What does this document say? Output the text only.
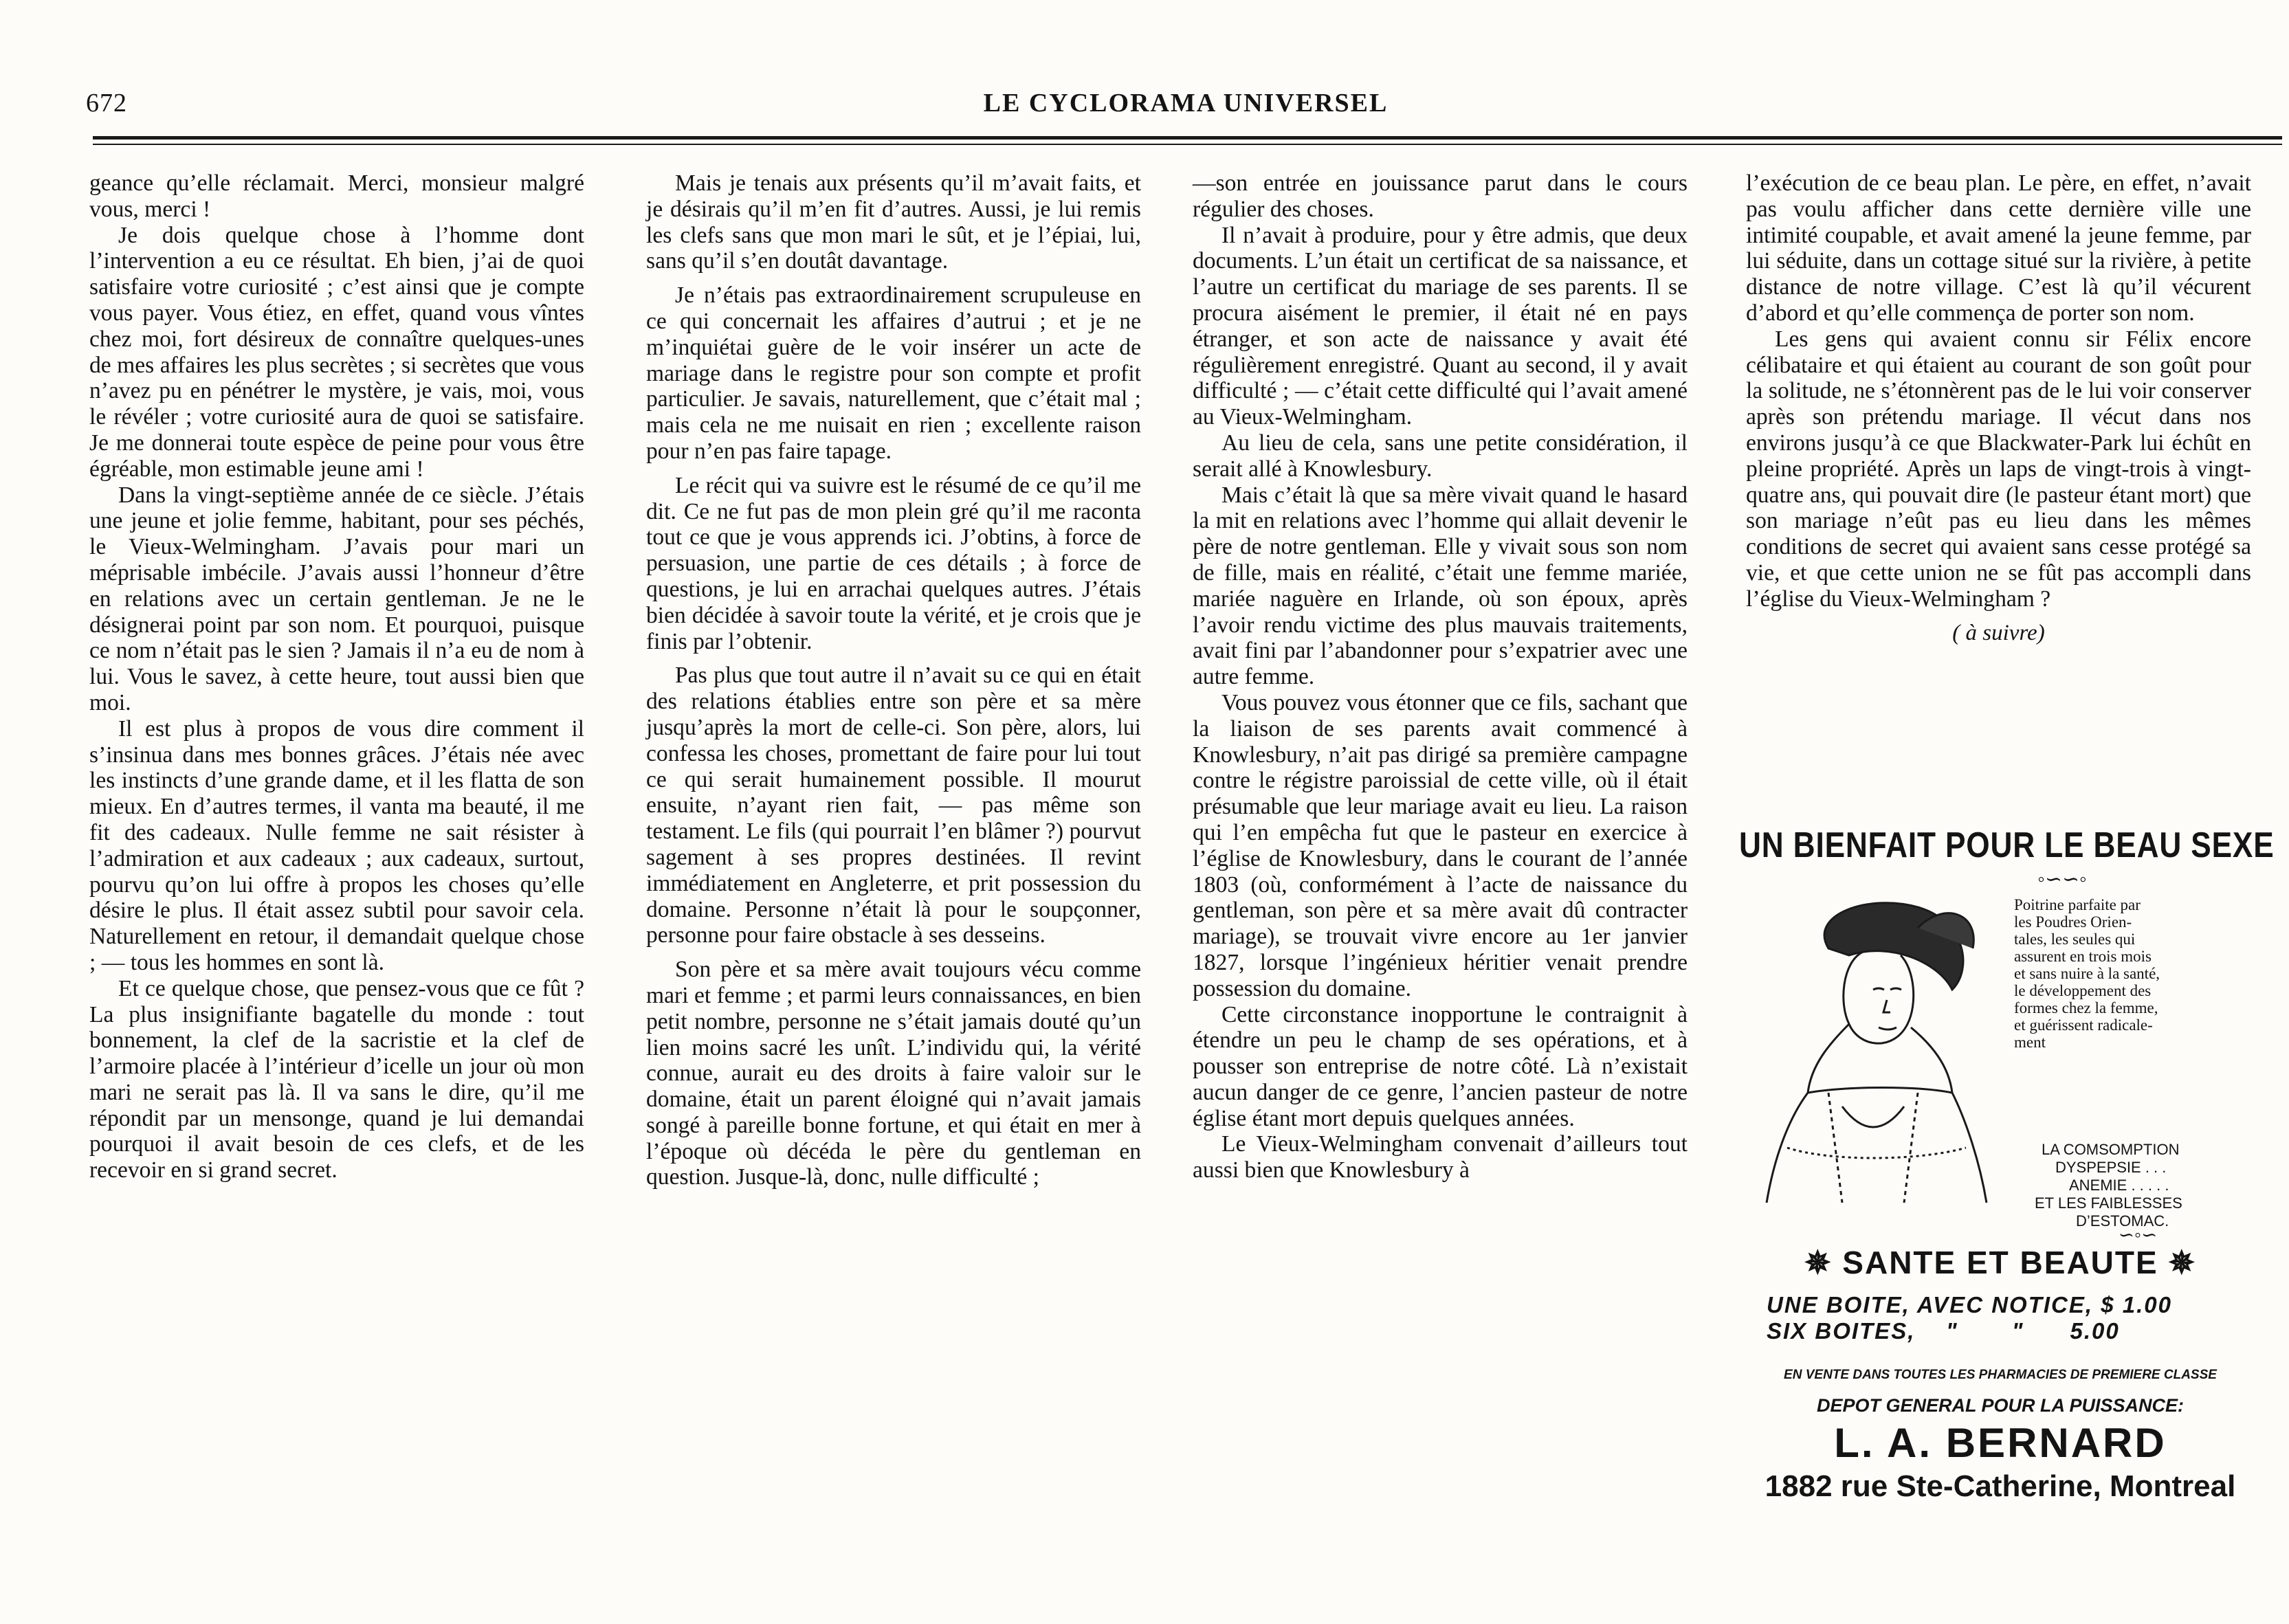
672	LE CYCLORAMA UNIVERSEL

geance qu’elle réclamait. Merci, monsieur malgré vous, merci !

Je dois quelque chose à l’homme dont l’intervention a eu ce résultat. Eh bien, j’ai de quoi satisfaire votre curiosité ; c’est ainsi que je compte vous payer. Vous étiez, en effet, quand vous vîntes chez moi, fort désireux de connaître quelques-unes de mes affaires les plus secrètes ; si secrètes que vous n’avez pu en pénétrer le mystère, je vais, moi, vous le révéler ; votre curiosité aura de quoi se satisfaire. Je me donnerai toute espèce de peine pour vous être égréable, mon estimable jeune ami !

Dans la vingt-septième année de ce siècle. J’étais une jeune et jolie femme, habitant, pour ses péchés, le Vieux-Welmingham. J’avais pour mari un méprisable imbécile. J’avais aussi l’honneur d’être en relations avec un certain gentleman. Je ne le désignerai point par son nom. Et pourquoi, puisque ce nom n’était pas le sien ? Jamais il n’a eu de nom à lui. Vous le savez, à cette heure, tout aussi bien que moi.

Il est plus à propos de vous dire comment il s’insinua dans mes bonnes grâces. J’étais née avec les instincts d’une grande dame, et il les flatta de son mieux. En d’autres termes, il vanta ma beauté, il me fit des cadeaux. Nulle femme ne sait résister à l’admiration et aux cadeaux ; aux cadeaux, surtout, pourvu qu’on lui offre à propos les choses qu’elle désire le plus. Il était assez subtil pour savoir cela. Naturellement en retour, il demandait quelque chose ; — tous les hommes en sont là.

Et ce quelque chose, que pensez-vous que ce fût ? La plus insignifiante bagatelle du monde : tout bonnement, la clef de la sacristie et la clef de l’armoire placée à l’intérieur d’icelle un jour où mon mari ne serait pas là. Il va sans le dire, qu’il me répondit par un mensonge, quand je lui demandai pourquoi il avait besoin de ces clefs, et de les recevoir en si grand secret.

Mais je tenais aux présents qu’il m’avait faits, et je désirais qu’il m’en fit d’autres. Aussi, je lui remis les clefs sans que mon mari le sût, et je l’épiai, lui, sans qu’il s’en doutât davantage.

Je n’étais pas extraordinairement scrupuleuse en ce qui concernait les affaires d’autrui ; et je ne m’inquiétai guère de le voir insérer un acte de mariage dans le registre pour son compte et profit particulier. Je savais, naturellement, que c’était mal ; mais cela ne me nuisait en rien ; excellente raison pour n’en pas faire tapage.

Le récit qui va suivre est le résumé de ce qu’il me dit. Ce ne fut pas de mon plein gré qu’il me raconta tout ce que je vous apprends ici. J’obtins, à force de persuasion, une partie de ces détails ; à force de questions, je lui en arrachai quelques autres. J’étais bien décidée à savoir toute la vérité, et je crois que je finis par l’obtenir.

Pas plus que tout autre il n’avait su ce qui en était des relations établies entre son père et sa mère jusqu’après la mort de celle-ci. Son père, alors, lui confessa les choses, promettant de faire pour lui tout ce qui serait humainement possible. Il mourut ensuite, n’ayant rien fait, — pas même son testament. Le fils (qui pourrait l’en blâmer ?) pourvut sagement à ses propres destinées. Il revint immédiatement en Angleterre, et prit possession du domaine. Personne n’était là pour le soupçonner, personne pour faire obstacle à ses desseins.

Son père et sa mère avait toujours vécu comme mari et femme ; et parmi leurs connaissances, en bien petit nombre, personne ne s’était jamais douté qu’un lien moins sacré les unît. L’individu qui, la vérité connue, aurait eu des droits à faire valoir sur le domaine, était un parent éloigné qui n’avait jamais songé à pareille bonne fortune, et qui était en mer à l’époque où décéda le père du gentleman en question. Jusque-là, donc, nulle difficulté ;

—son entrée en jouissance parut dans le cours régulier des choses.

Il n’avait à produire, pour y être admis, que deux documents. L’un était un certificat de sa naissance, et l’autre un certificat du mariage de ses parents. Il se procura aisément le premier, il était né en pays étranger, et son acte de naissance y avait été régulièrement enregistré. Quant au second, il y avait difficulté ; — c’était cette difficulté qui l’avait amené au Vieux-Welmingham.

Au lieu de cela, sans une petite considération, il serait allé à Knowlesbury.

Mais c’était là que sa mère vivait quand le hasard la mit en relations avec l’homme qui allait devenir le père de notre gentleman. Elle y vivait sous son nom de fille, mais en réalité, c’était une femme mariée, mariée naguère en Irlande, où son époux, après l’avoir rendu victime des plus mauvais traitements, avait fini par l’abandonner pour s’expatrier avec une autre femme.

Vous pouvez vous étonner que ce fils, sachant que la liaison de ses parents avait commencé à Knowlesbury, n’ait pas dirigé sa première campagne contre le régistre paroissial de cette ville, où il était présumable que leur mariage avait eu lieu. La raison qui l’en empêcha fut que le pasteur en exercice à l’église de Knowlesbury, dans le courant de l’année 1803 (où, conformément à l’acte de naissance du gentleman, son père et sa mère avait dû contracter mariage), se trouvait vivre encore au 1er janvier 1827, lorsque l’ingénieux héritier venait prendre possession du domaine.

Cette circonstance inopportune le contraignit à étendre un peu le champ de ses opérations, et à pousser son entreprise de notre côté. Là n’existait aucun danger de ce genre, l’ancien pasteur de notre église étant mort depuis quelques années.

Le Vieux-Welmingham convenait d’ailleurs tout aussi bien que Knowlesbury à

l’exécution de ce beau plan. Le père, en effet, n’avait pas voulu afficher dans cette dernière ville une intimité coupable, et avait amené la jeune femme, par lui séduite, dans un cottage situé sur la rivière, à petite distance de notre village. C’est là qu’il vécurent d’abord et qu’elle commença de porter son nom.

Les gens qui avaient connu sir Félix encore célibataire et qui étaient au courant de son goût pour la solitude, ne s’étonnèrent pas de le lui voir conserver après son prétendu mariage. Il vécut dans nos environs jusqu’à ce que Blackwater-Park lui échût en pleine propriété. Après un laps de vingt-trois à vingt-quatre ans, qui pouvait dire (le pasteur étant mort) que son mariage n’eût pas eu lieu dans les mêmes conditions de secret qui avaient sans cesse protégé sa vie, et que cette union ne se fût pas accompli dans l’église du Vieux-Welmingham ?

( à suivre)
UN BIENFAIT POUR LE BEAU SEXE
◦∽∽◦
Poitrine parfaite par
les Poudres Orien-
tales, les seules qui
assurent en trois mois
et sans nuire à la santé,
le développement des
formes chez la femme,
et guérissent radicale-
ment
LA COMSOMPTION
DYSPEPSIE . . .
ANEMIE . . . . .
ET LES FAIBLESSES
D’ESTOMAC.
∽◦∽
✵ SANTE ET BEAUTE ✵
UNE BOITE, AVEC NOTICE, $ 1.00
SIX BOITES,    "       "      5.00
EN VENTE DANS TOUTES LES PHARMACIES DE PREMIERE CLASSE
DEPOT GENERAL POUR LA PUISSANCE:
L. A. BERNARD
1882 rue Ste-Catherine, Montreal
